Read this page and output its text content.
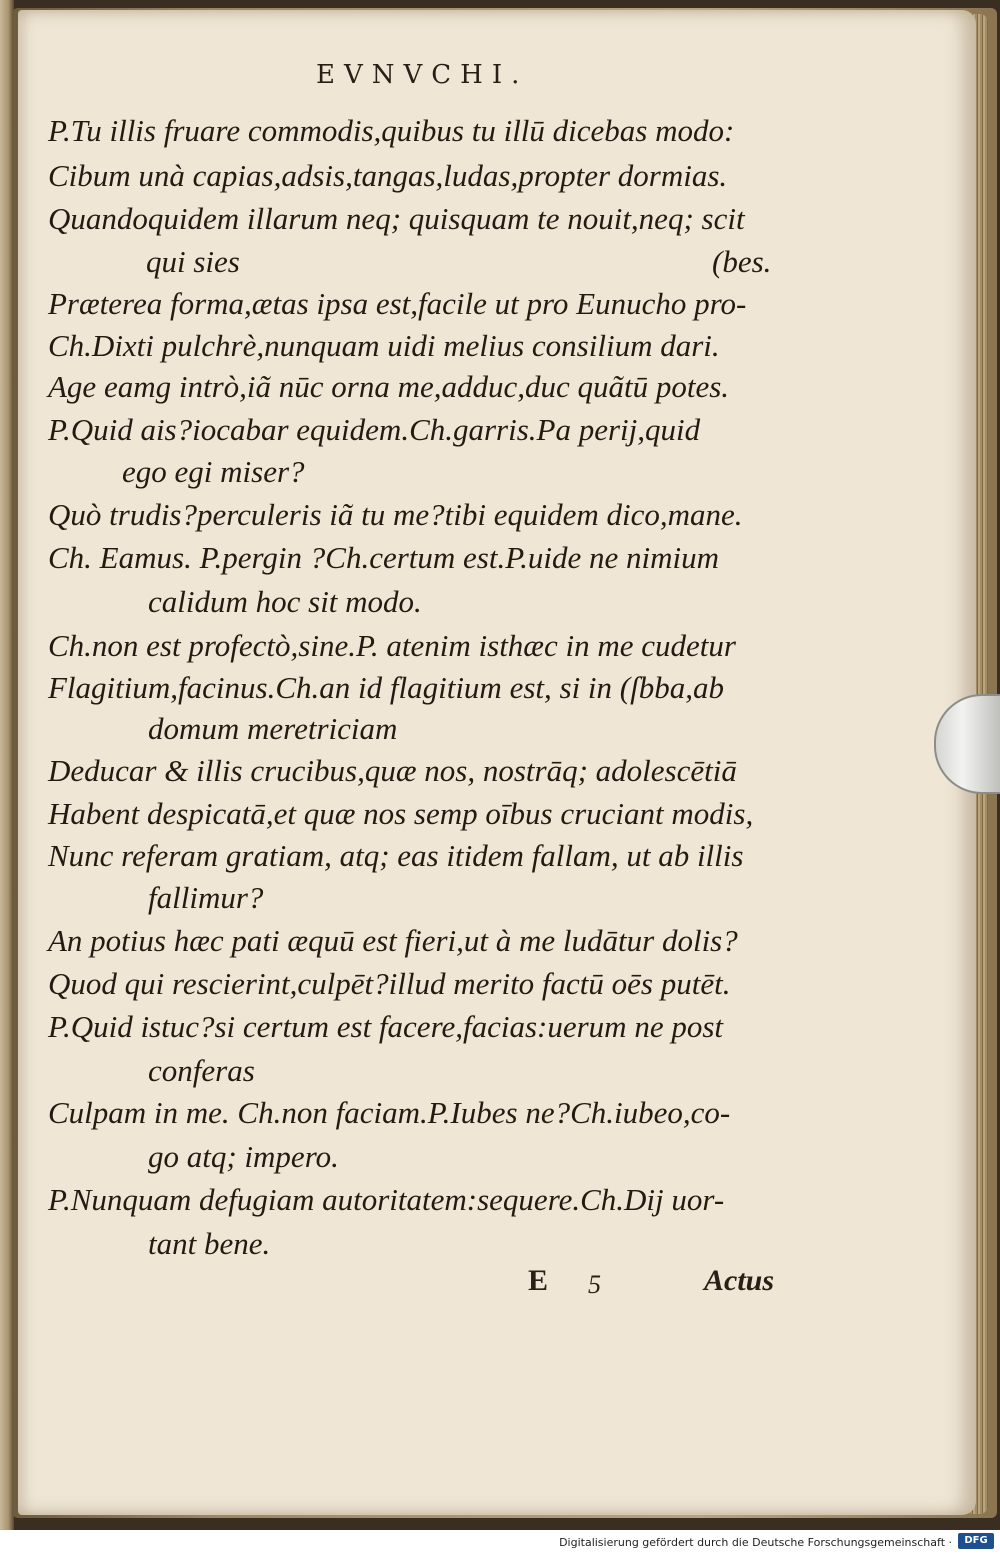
EVNVCHI.
P.Tu illis fruare commodis,quibus tu illū dicebas modo:
Cibum unà capias,adsis,tangas,ludas,propter dormias.
Quandoquidem illarum neq; quisquam te nouit,neq; scit
qui sies	(bes.
Præterea forma,ætas ipsa est,facile ut pro Eunucho pro-
Ch.Dixti pulchrè,nunquam uidi melius consilium dari.
Age eamg intrò,iã nūc orna me,adduc,duc quãtū potes.
P.Quid ais?iocabar equidem.Ch.garris.Pa perij,quid
ego egi miser?
Quò trudis?perculeris iã tu me?tibi equidem dico,mane.
Ch. Eamus. P.pergin ?Ch.certum est.P.uide ne nimium
calidum hoc sit modo.
Ch.non est profectò,sine.P. atenim isthæc in me cudetur
Flagitium,facinus.Ch.an id flagitium est, si in (ſbba,ab
domum meretriciam
Deducar & illis crucibus,quæ nos, nostrāq; adolescētiā
Habent despicatā,et quæ nos semp oībus cruciant modis,
Nunc referam gratiam, atq; eas itidem fallam, ut ab illis
fallimur?
An potius hæc pati æquū est fieri,ut à me ludātur dolis?
Quod qui rescierint,culpēt?illud merito factū oēs putēt.
P.Quid istuc?si certum est facere,facias:uerum ne post
conferas
Culpam in me. Ch.non faciam.P.Iubes ne?Ch.iubeo,co-
go atq; impero.
P.Nunquam defugiam autoritatem:sequere.Ch.Dij uor-
tant bene.
E 5	Actus
Digitalisierung gefördert durch die Deutsche Forschungsgemeinschaft ·	DFG
